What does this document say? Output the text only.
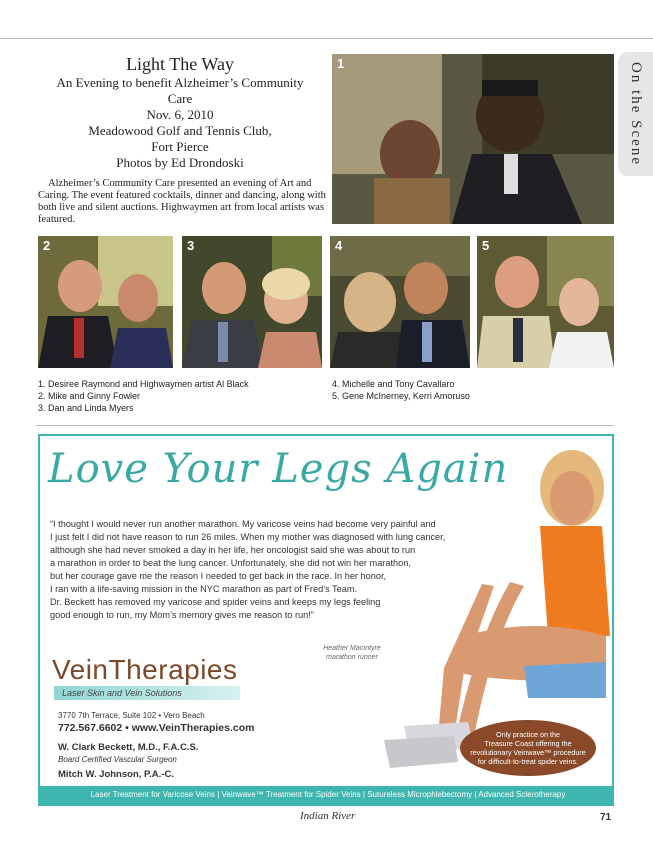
On the Scene
Light The Way
An Evening to benefit Alzheimer’s Community
Care
Nov. 6, 2010
Meadowood Golf and Tennis Club,
Fort Pierce
Photos by Ed Drondoski
Alzheimer’s Community Care presented an evening of Art and Caring. The event featured cocktails, dinner and dancing, along with both live and silent auctions. Highwaymen art from local artists was featured.
1
2	3	4	5
1. Desiree Raymond and Highwaymen artist Al Black
2. Mike and Ginny Fowler
3. Dan and Linda Myers
4. Michelle and Tony Cavallaro
5. Gene McInerney, Kerri Amoruso
Love Your Legs Again
“I thought I would never run another marathon. My varicose veins had become very painful and
I just felt I did not have reason to run 26 miles. When my mother was diagnosed with lung cancer,
although she had never smoked a day in her life, her oncologist said she was about to run
a marathon in order to beat the lung cancer. Unfortunately, she did not win her marathon,
but her courage gave me the reason I needed to get back in the race. In her honor,
I ran with a life-saving mission in the NYC marathon as part of Fred’s Team.
Dr. Beckett has removed my varicose and spider veins and keeps my legs feeling
good enough to run, my Mom’s memory gives me reason to run!”
Heather MacIntyre
marathon runner
VeinTherapies
Laser Skin and Vein Solutions
3770 7th Terrace, Suite 102 • Vero Beach
772.567.6602 • www.VeinTherapies.com
W. Clark Beckett, M.D., F.A.C.S.
Board Certified Vascular Surgeon
Mitch W. Johnson, P.A.-C.
Only practice on the
Treasure Coast offering the
revolutionary Veinwave™ procedure
for difficult-to-treat spider veins.
Laser Treatment for Varicose Veins | Veinwave™ Treatment for Spider Veins | Sutureless Microphlebectomy | Advanced Sclerotherapy
Indian River	71
